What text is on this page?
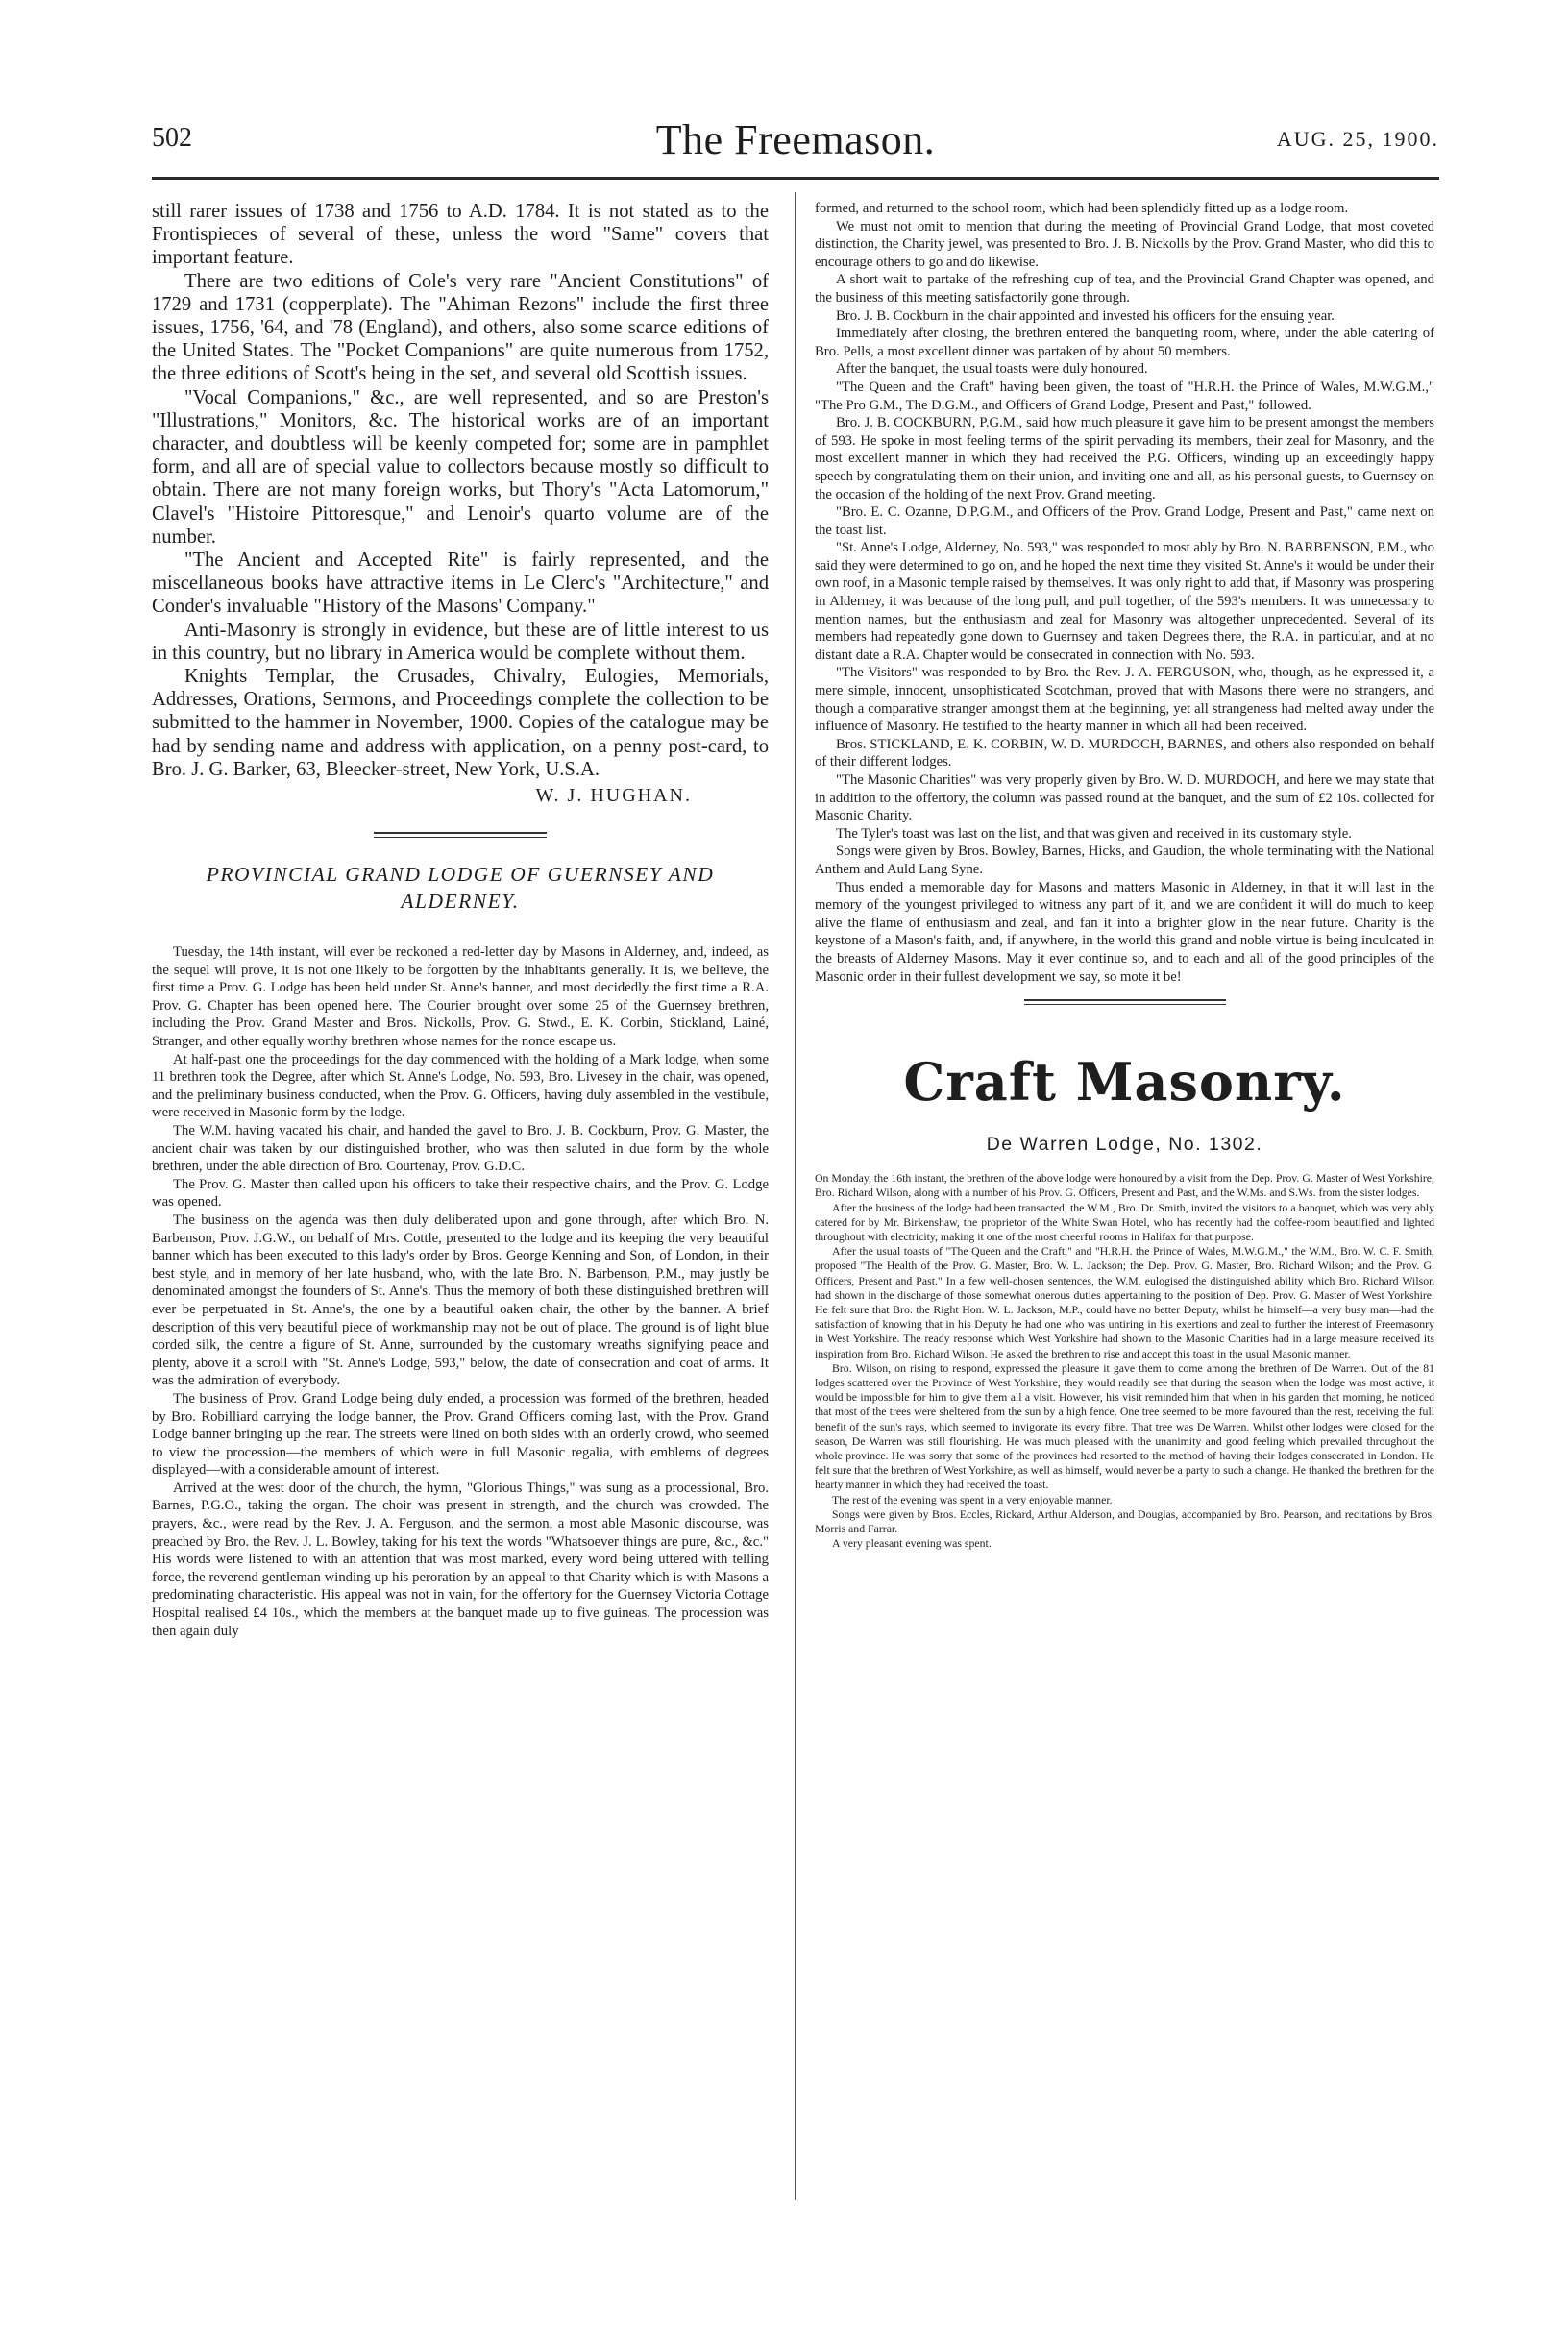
502	The Freemason.	AUG. 25, 1900.

still rarer issues of 1738 and 1756 to A.D. 1784. It is not stated as to the Frontispieces of several of these, unless the word "Same" covers that important feature.

There are two editions of Cole's very rare "Ancient Constitutions" of 1729 and 1731 (copperplate). The "Ahiman Rezons" include the first three issues, 1756, '64, and '78 (England), and others, also some scarce editions of the United States. The "Pocket Companions" are quite numerous from 1752, the three editions of Scott's being in the set, and several old Scottish issues.

"Vocal Companions," &c., are well represented, and so are Preston's "Illustrations," Monitors, &c. The historical works are of an important character, and doubtless will be keenly competed for; some are in pamphlet form, and all are of special value to collectors because mostly so difficult to obtain. There are not many foreign works, but Thory's "Acta Latomorum," Clavel's "Histoire Pittoresque," and Lenoir's quarto volume are of the number.

"The Ancient and Accepted Rite" is fairly represented, and the miscellaneous books have attractive items in Le Clerc's "Architecture," and Conder's invaluable "History of the Masons' Company."

Anti-Masonry is strongly in evidence, but these are of little interest to us in this country, but no library in America would be complete without them.

Knights Templar, the Crusades, Chivalry, Eulogies, Memorials, Addresses, Orations, Sermons, and Proceedings complete the collection to be submitted to the hammer in November, 1900. Copies of the catalogue may be had by sending name and address with application, on a penny post-card, to Bro. J. G. Barker, 63, Bleecker-street, New York, U.S.A.

W. J. HUGHAN.
PROVINCIAL GRAND LODGE OF GUERNSEY AND ALDERNEY.

Tuesday, the 14th instant, will ever be reckoned a red-letter day by Masons in Alderney, and, indeed, as the sequel will prove, it is not one likely to be forgotten by the inhabitants generally. It is, we believe, the first time a Prov. G. Lodge has been held under St. Anne's banner, and most decidedly the first time a R.A. Prov. G. Chapter has been opened here. The Courier brought over some 25 of the Guernsey brethren, including the Prov. Grand Master and Bros. Nickolls, Prov. G. Stwd., E. K. Corbin, Stickland, Lainé, Stranger, and other equally worthy brethren whose names for the nonce escape us.

At half-past one the proceedings for the day commenced with the holding of a Mark lodge, when some 11 brethren took the Degree, after which St. Anne's Lodge, No. 593, Bro. Livesey in the chair, was opened, and the preliminary business conducted, when the Prov. G. Officers, having duly assembled in the vestibule, were received in Masonic form by the lodge.

The W.M. having vacated his chair, and handed the gavel to Bro. J. B. Cockburn, Prov. G. Master, the ancient chair was taken by our distinguished brother, who was then saluted in due form by the whole brethren, under the able direction of Bro. Courtenay, Prov. G.D.C.

The Prov. G. Master then called upon his officers to take their respective chairs, and the Prov. G. Lodge was opened.

The business on the agenda was then duly deliberated upon and gone through, after which Bro. N. Barbenson, Prov. J.G.W., on behalf of Mrs. Cottle, presented to the lodge and its keeping the very beautiful banner which has been executed to this lady's order by Bros. George Kenning and Son, of London, in their best style, and in memory of her late husband, who, with the late Bro. N. Barbenson, P.M., may justly be denominated amongst the founders of St. Anne's. Thus the memory of both these distinguished brethren will ever be perpetuated in St. Anne's, the one by a beautiful oaken chair, the other by the banner. A brief description of this very beautiful piece of workmanship may not be out of place. The ground is of light blue corded silk, the centre a figure of St. Anne, surrounded by the customary wreaths signifying peace and plenty, above it a scroll with "St. Anne's Lodge, 593," below, the date of consecration and coat of arms. It was the admiration of everybody.

The business of Prov. Grand Lodge being duly ended, a procession was formed of the brethren, headed by Bro. Robilliard carrying the lodge banner, the Prov. Grand Officers coming last, with the Prov. Grand Lodge banner bringing up the rear. The streets were lined on both sides with an orderly crowd, who seemed to view the procession—the members of which were in full Masonic regalia, with emblems of degrees displayed—with a considerable amount of interest.

Arrived at the west door of the church, the hymn, "Glorious Things," was sung as a processional, Bro. Barnes, P.G.O., taking the organ. The choir was present in strength, and the church was crowded. The prayers, &c., were read by the Rev. J. A. Ferguson, and the sermon, a most able Masonic discourse, was preached by Bro. the Rev. J. L. Bowley, taking for his text the words "Whatsoever things are pure, &c., &c." His words were listened to with an attention that was most marked, every word being uttered with telling force, the reverend gentleman winding up his peroration by an appeal to that Charity which is with Masons a predominating characteristic. His appeal was not in vain, for the offertory for the Guernsey Victoria Cottage Hospital realised £4 10s., which the members at the banquet made up to five guineas. The procession was then again duly

formed, and returned to the school room, which had been splendidly fitted up as a lodge room.

We must not omit to mention that during the meeting of Provincial Grand Lodge, that most coveted distinction, the Charity jewel, was presented to Bro. J. B. Nickolls by the Prov. Grand Master, who did this to encourage others to go and do likewise.

A short wait to partake of the refreshing cup of tea, and the Provincial Grand Chapter was opened, and the business of this meeting satisfactorily gone through.

Bro. J. B. Cockburn in the chair appointed and invested his officers for the ensuing year.

Immediately after closing, the brethren entered the banqueting room, where, under the able catering of Bro. Pells, a most excellent dinner was partaken of by about 50 members.

After the banquet, the usual toasts were duly honoured.

"The Queen and the Craft" having been given, the toast of "H.R.H. the Prince of Wales, M.W.G.M.," "The Pro G.M., The D.G.M., and Officers of Grand Lodge, Present and Past," followed.

Bro. J. B. COCKBURN, P.G.M., said how much pleasure it gave him to be present amongst the members of 593. He spoke in most feeling terms of the spirit pervading its members, their zeal for Masonry, and the most excellent manner in which they had received the P.G. Officers, winding up an exceedingly happy speech by congratulating them on their union, and inviting one and all, as his personal guests, to Guernsey on the occasion of the holding of the next Prov. Grand meeting.

"Bro. E. C. Ozanne, D.P.G.M., and Officers of the Prov. Grand Lodge, Present and Past," came next on the toast list.

"St. Anne's Lodge, Alderney, No. 593," was responded to most ably by Bro. N. BARBENSON, P.M., who said they were determined to go on, and he hoped the next time they visited St. Anne's it would be under their own roof, in a Masonic temple raised by themselves. It was only right to add that, if Masonry was prospering in Alderney, it was because of the long pull, and pull together, of the 593's members. It was unnecessary to mention names, but the enthusiasm and zeal for Masonry was altogether unprecedented. Several of its members had repeatedly gone down to Guernsey and taken Degrees there, the R.A. in particular, and at no distant date a R.A. Chapter would be consecrated in connection with No. 593.

"The Visitors" was responded to by Bro. the Rev. J. A. FERGUSON, who, though, as he expressed it, a mere simple, innocent, unsophisticated Scotchman, proved that with Masons there were no strangers, and though a comparative stranger amongst them at the beginning, yet all strangeness had melted away under the influence of Masonry. He testified to the hearty manner in which all had been received.

Bros. STICKLAND, E. K. CORBIN, W. D. MURDOCH, BARNES, and others also responded on behalf of their different lodges.

"The Masonic Charities" was very properly given by Bro. W. D. MURDOCH, and here we may state that in addition to the offertory, the column was passed round at the banquet, and the sum of £2 10s. collected for Masonic Charity.

The Tyler's toast was last on the list, and that was given and received in its customary style.

Songs were given by Bros. Bowley, Barnes, Hicks, and Gaudion, the whole terminating with the National Anthem and Auld Lang Syne.

Thus ended a memorable day for Masons and matters Masonic in Alderney, in that it will last in the memory of the youngest privileged to witness any part of it, and we are confident it will do much to keep alive the flame of enthusiasm and zeal, and fan it into a brighter glow in the near future. Charity is the keystone of a Mason's faith, and, if anywhere, in the world this grand and noble virtue is being inculcated in the breasts of Alderney Masons. May it ever continue so, and to each and all of the good principles of the Masonic order in their fullest development we say, so mote it be!

Craft Masonry.
De Warren Lodge, No. 1302.

On Monday, the 16th instant, the brethren of the above lodge were honoured by a visit from the Dep. Prov. G. Master of West Yorkshire, Bro. Richard Wilson, along with a number of his Prov. G. Officers, Present and Past, and the W.Ms. and S.Ws. from the sister lodges.

After the business of the lodge had been transacted, the W.M., Bro. Dr. Smith, invited the visitors to a banquet, which was very ably catered for by Mr. Birkenshaw, the proprietor of the White Swan Hotel, who has recently had the coffee-room beautified and lighted throughout with electricity, making it one of the most cheerful rooms in Halifax for that purpose.

After the usual toasts of "The Queen and the Craft," and "H.R.H. the Prince of Wales, M.W.G.M.," the W.M., Bro. W. C. F. Smith, proposed "The Health of the Prov. G. Master, Bro. W. L. Jackson; the Dep. Prov. G. Master, Bro. Richard Wilson; and the Prov. G. Officers, Present and Past." In a few well-chosen sentences, the W.M. eulogised the distinguished ability which Bro. Richard Wilson had shown in the discharge of those somewhat onerous duties appertaining to the position of Dep. Prov. G. Master of West Yorkshire. He felt sure that Bro. the Right Hon. W. L. Jackson, M.P., could have no better Deputy, whilst he himself—a very busy man—had the satisfaction of knowing that in his Deputy he had one who was untiring in his exertions and zeal to further the interest of Freemasonry in West Yorkshire. The ready response which West Yorkshire had shown to the Masonic Charities had in a large measure received its inspiration from Bro. Richard Wilson. He asked the brethren to rise and accept this toast in the usual Masonic manner.

Bro. Wilson, on rising to respond, expressed the pleasure it gave them to come among the brethren of De Warren. Out of the 81 lodges scattered over the Province of West Yorkshire, they would readily see that during the season when the lodge was most active, it would be impossible for him to give them all a visit. However, his visit reminded him that when in his garden that morning, he noticed that most of the trees were sheltered from the sun by a high fence. One tree seemed to be more favoured than the rest, receiving the full benefit of the sun's rays, which seemed to invigorate its every fibre. That tree was De Warren. Whilst other lodges were closed for the season, De Warren was still flourishing. He was much pleased with the unanimity and good feeling which prevailed throughout the whole province. He was sorry that some of the provinces had resorted to the method of having their lodges consecrated in London. He felt sure that the brethren of West Yorkshire, as well as himself, would never be a party to such a change. He thanked the brethren for the hearty manner in which they had received the toast.

The rest of the evening was spent in a very enjoyable manner.

Songs were given by Bros. Eccles, Rickard, Arthur Alderson, and Douglas, accompanied by Bro. Pearson, and recitations by Bros. Morris and Farrar.

A very pleasant evening was spent.
